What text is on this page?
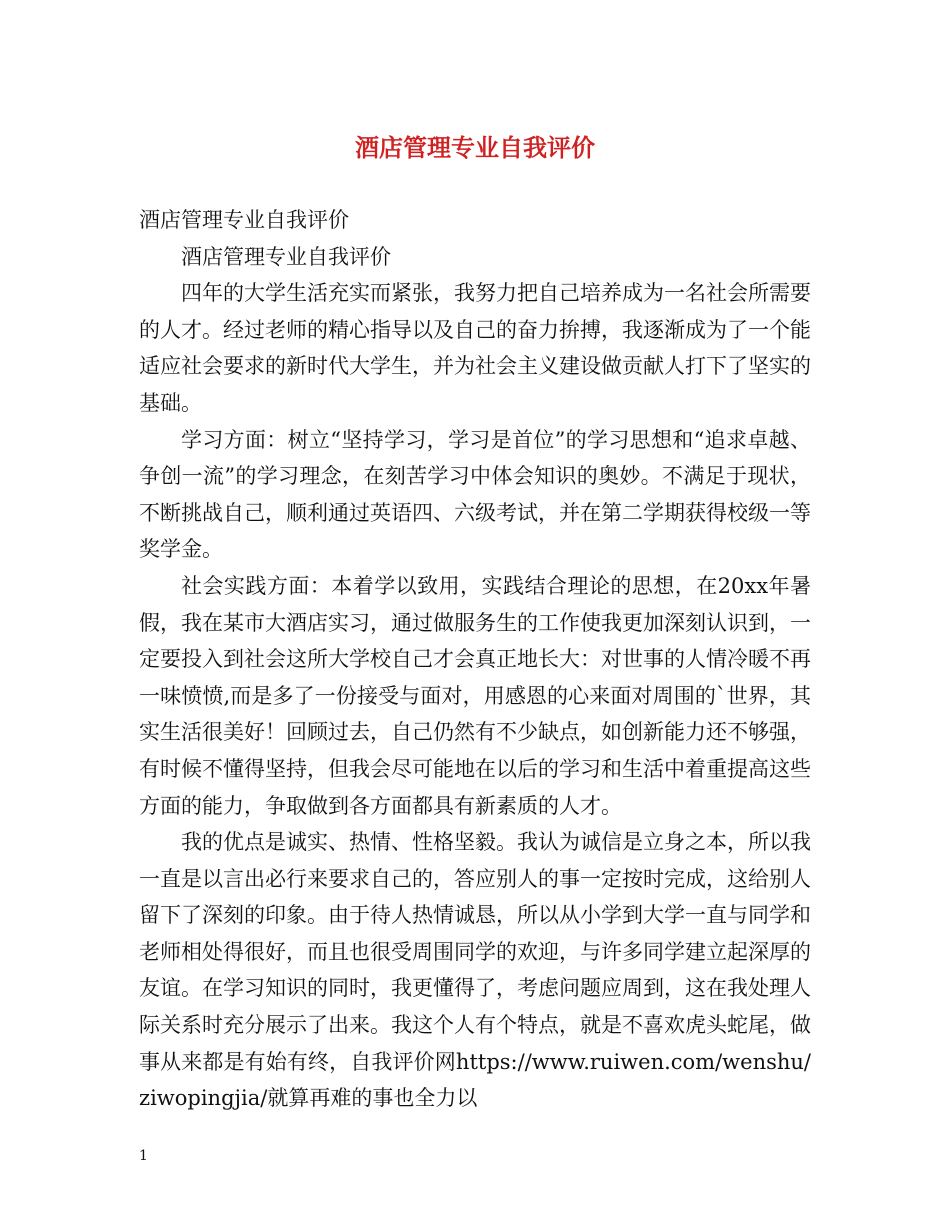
酒店管理专业自我评价

酒店管理专业自我评价

酒店管理专业自我评价

四年的大学生活充实而紧张，我努力把自己培养成为一名社会所需要的人才。经过老师的精心指导以及自己的奋力拚搏，我逐渐成为了一个能适应社会要求的新时代大学生，并为社会主义建设做贡献人打下了坚实的基础。

学习方面：树立“坚持学习，学习是首位”的学习思想和“追求卓越、争创一流”的学习理念，在刻苦学习中体会知识的奥妙。不满足于现状，不断挑战自己，顺利通过英语四、六级考试，并在第二学期获得校级一等奖学金。

社会实践方面：本着学以致用，实践结合理论的思想，在20xx年暑假，我在某市大酒店实习，通过做服务生的工作使我更加深刻认识到，一定要投入到社会这所大学校自己才会真正地长大：对世事的人情冷暖不再一味愤愤,而是多了一份接受与面对，用感恩的心来面对周围的`世界，其实生活很美好！回顾过去，自己仍然有不少缺点，如创新能力还不够强，有时候不懂得坚持，但我会尽可能地在以后的学习和生活中着重提高这些方面的能力，争取做到各方面都具有新素质的人才。

我的优点是诚实、热情、性格坚毅。我认为诚信是立身之本，所以我一直是以言出必行来要求自己的，答应别人的事一定按时完成，这给别人留下了深刻的印象。由于待人热情诚恳，所以从小学到大学一直与同学和老师相处得很好，而且也很受周围同学的欢迎，与许多同学建立起深厚的友谊。在学习知识的同时，我更懂得了，考虑问题应周到，这在我处理人际关系时充分展示了出来。我这个人有个特点，就是不喜欢虎头蛇尾，做事从来都是有始有终，自我评价网https://www.ruiwen.com/wenshu/ziwopingjia/就算再难的事也全力以

1
